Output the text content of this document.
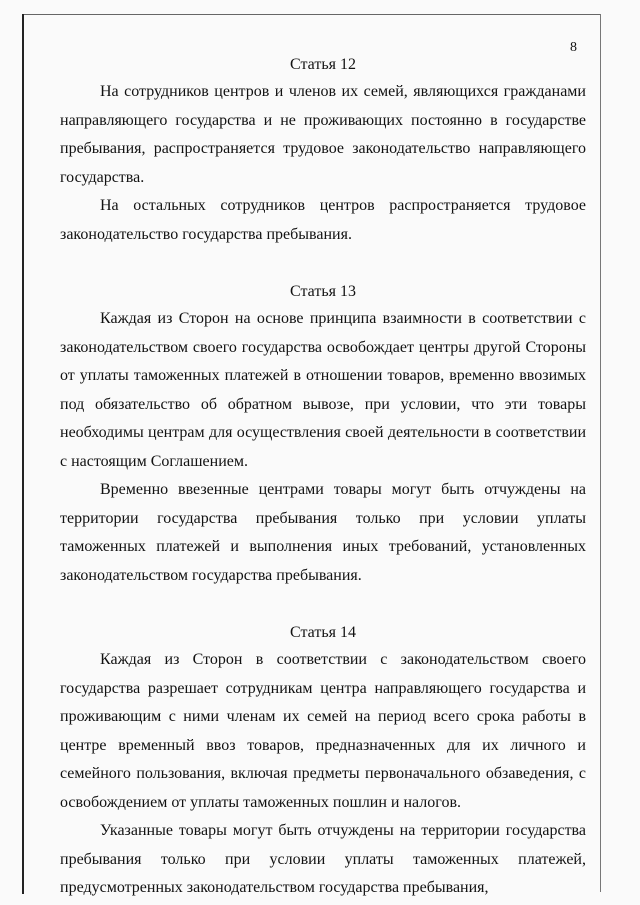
8

Статья 12

На сотрудников центров и членов их семей, являющихся гражданами направляющего государства и не проживающих постоянно в государстве пребывания, распространяется трудовое законодательство направляющего государства.

На остальных сотрудников центров распространяется трудовое законодательство государства пребывания.

Статья 13

Каждая из Сторон на основе принципа взаимности в соответствии с законодательством своего государства освобождает центры другой Стороны от уплаты таможенных платежей в отношении товаров, временно ввозимых под обязательство об обратном вывозе, при условии, что эти товары необходимы центрам для осуществления своей деятельности в соответствии с настоящим Соглашением.

Временно ввезенные центрами товары могут быть отчуждены на территории государства пребывания только при условии уплаты таможенных платежей и выполнения иных требований, установленных законодательством государства пребывания.

Статья 14

Каждая из Сторон в соответствии с законодательством своего государства разрешает сотрудникам центра направляющего государства и проживающим с ними членам их семей на период всего срока работы в центре временный ввоз товаров, предназначенных для их личного и семейного пользования, включая предметы первоначального обзаведения, с освобождением от уплаты таможенных пошлин и налогов.

Указанные товары могут быть отчуждены на территории государства пребывания только при условии уплаты таможенных платежей, предусмотренных законодательством государства пребывания,
